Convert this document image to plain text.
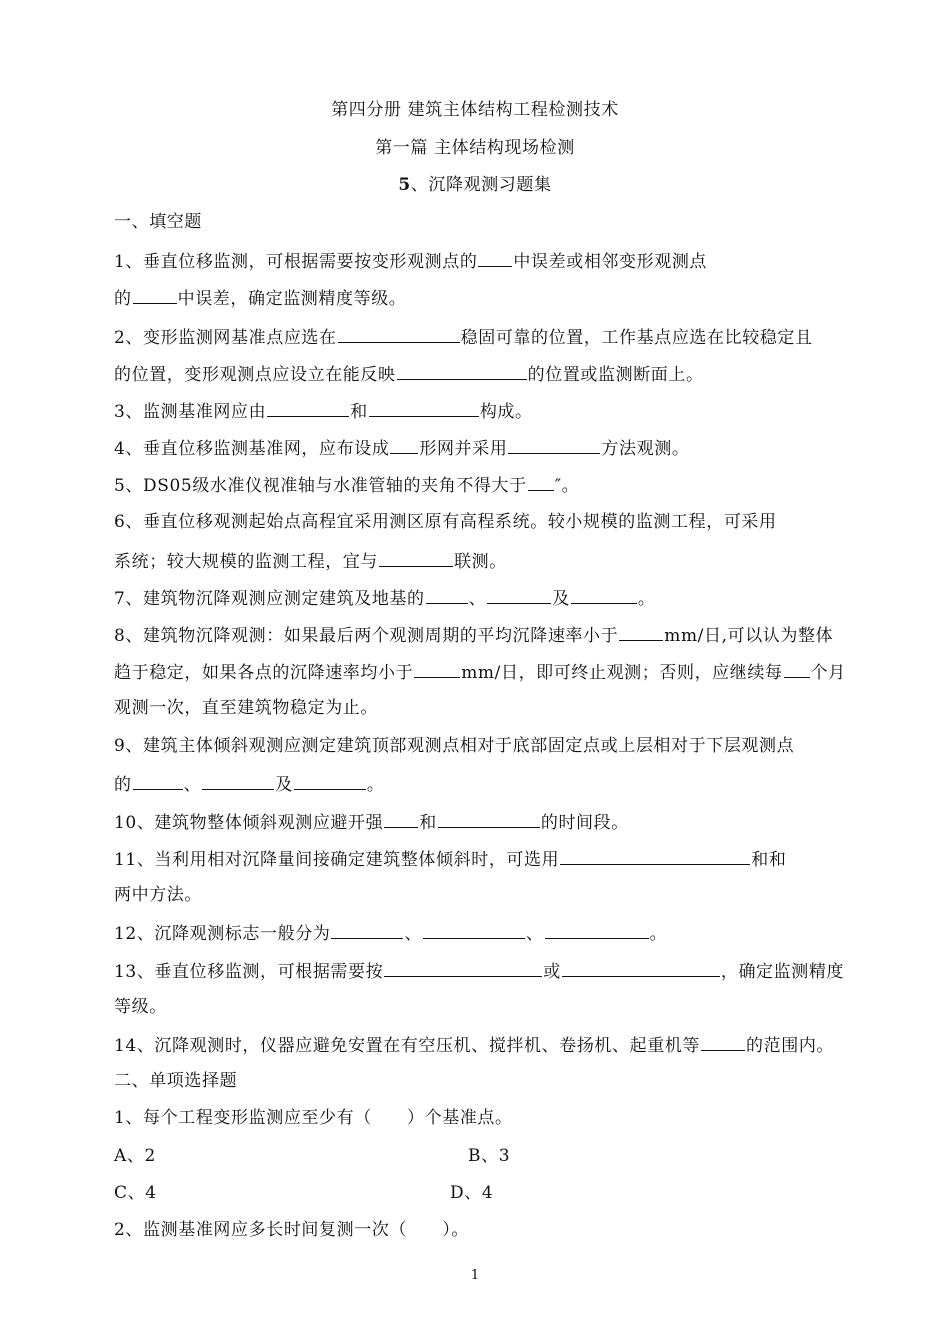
第四分册 建筑主体结构工程检测技术
第一篇 主体结构现场检测
5、沉降观测习题集
一、填空题
1、垂直位移监测，可根据需要按变形观测点的 中误差或相邻变形观测点
的	中误差，确定监测精度等级。
2、变形监测网基准点应选在	稳固可靠的位置，工作基点应选在比较稳定且
的位置，变形观测点应设立在能反映	的位置或监测断面上。
3、监测基准网应由	和	构成。
4、垂直位移监测基准网，应布设成 形网并采用	方法观测。
5、DS05级水准仪视准轴与水准管轴的夹角不得大于 ″。
6、垂直位移观测起始点高程宜采用测区原有高程系统。较小规模的监测工程，可采用
系统；较大规模的监测工程，宜与	联测。
7、建筑物沉降观测应测定建筑及地基的	、	及	。
8、建筑物沉降观测：如果最后两个观测周期的平均沉降速率小于	mm/日,可以认为整体
趋于稳定，如果各点的沉降速率均小于	mm/日，即可终止观测；否则，应继续每 个月
观测一次，直至建筑物稳定为止。
9、建筑主体倾斜观测应测定建筑顶部观测点相对于底部固定点或上层相对于下层观测点
的	、	及	。
10、建筑物整体倾斜观测应避开强 和	的时间段。
11、当利用相对沉降量间接确定建筑整体倾斜时，可选用	和和
两中方法。
12、沉降观测标志一般分为	、	、	。
13、垂直位移监测，可根据需要按	或	，确定监测精度
等级。
14、沉降观测时，仪器应避免安置在有空压机、搅拌机、卷扬机、起重机等	的范围内。
二、单项选择题
1、每个工程变形监测应至少有（　　）个基准点。
A、2	B、3
C、4	D、4
2、监测基准网应多长时间复测一次（　　）。
1
